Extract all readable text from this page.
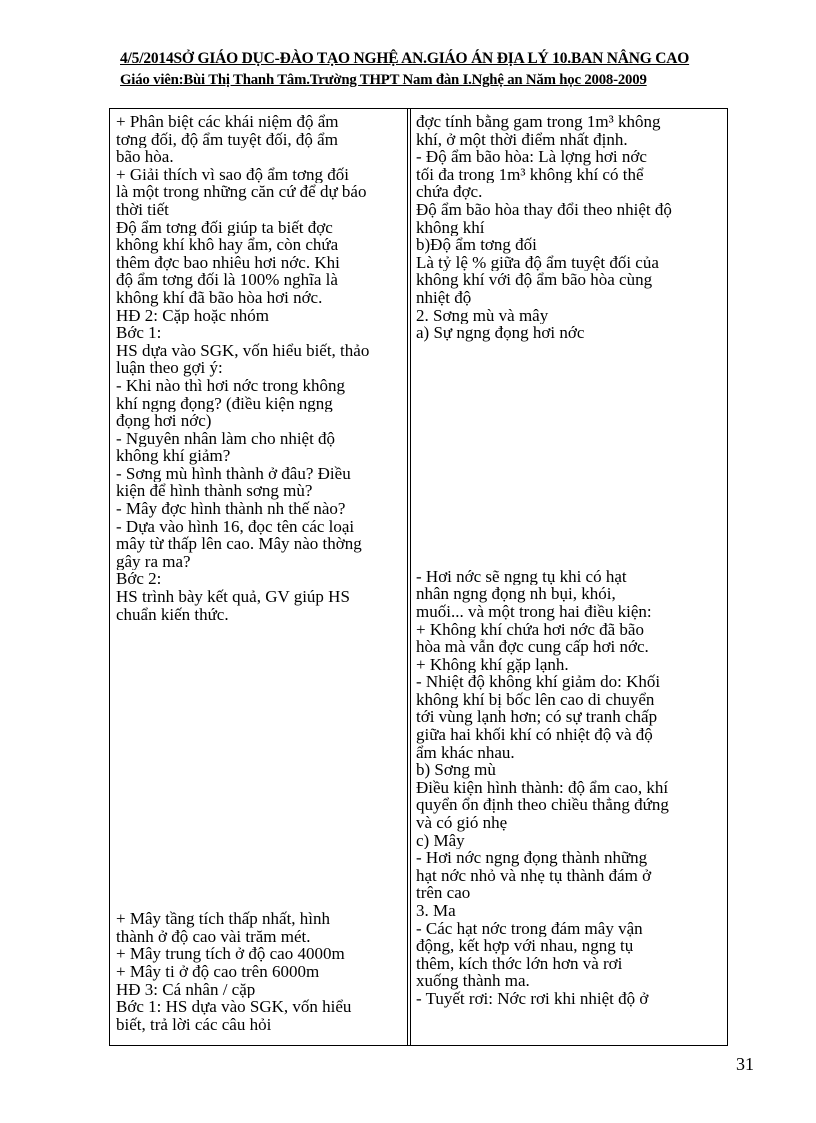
4/5/2014SỞ GIÁO DỤC-ĐÀO TẠO NGHỆ AN.GIÁO ÁN ĐỊA LÝ 10.BAN NÂNG CAO
Giáo viên:Bùi Thị Thanh Tâm.Trường THPT Nam đàn I.Nghệ an Năm học 2008-2009
+ Phân biệt các khái niệm độ ẩm
tơng đối, độ ẩm tuyệt đối, độ ẩm
bão hòa.
+ Giải thích vì sao độ ẩm tơng đối
là một trong những căn cứ để dự báo
thời tiết
Độ ẩm tơng đối giúp ta biết đợc
không khí khô hay ẩm, còn chứa
thêm đợc bao nhiêu hơi nớc. Khi
độ ẩm tơng đối là 100% nghĩa là
không khí đã bão hòa hơi nớc.
HĐ 2: Cặp hoặc nhóm
Bớc 1:
HS dựa vào SGK, vốn hiểu biết, thảo
luận theo gợi ý:
- Khi nào thì hơi nớc trong không
khí ngng đọng? (điều kiện ngng
đọng hơi nớc)
- Nguyên nhân làm cho nhiệt độ
không khí giảm?
- Sơng mù hình thành ở đâu? Điều
kiện để hình thành sơng mù?
- Mây đợc hình thành nh thế nào?
- Dựa vào hình 16, đọc tên các loại
mây từ thấp lên cao. Mây nào thờng
gây ra ma?
Bớc 2:
HS trình bày kết quả, GV giúp HS
chuẩn kiến thức.
+ Mây tầng tích thấp nhất, hình
thành ở độ cao vài trăm mét.
+ Mây trung tích ở độ cao 4000m
+ Mây ti ở độ cao trên 6000m
HĐ 3: Cá nhân / cặp
Bớc 1: HS dựa vào SGK, vốn hiểu
biết, trả lời các câu hỏi
đợc tính bằng gam trong 1m³ không
khí, ở một thời điểm nhất định.
- Độ ẩm bão hòa: Là lợng hơi nớc
tối đa trong 1m³ không khí có thể
chứa đợc.
Độ ẩm bão hòa thay đổi theo nhiệt độ
không khí
b)Độ ẩm tơng đối
Là tỷ lệ % giữa độ ẩm tuyệt đối của
không khí với độ ẩm bão hòa cùng
nhiệt độ
2. Sơng mù và mây
a) Sự ngng đọng hơi nớc
- Hơi nớc sẽ ngng tụ khi có hạt
nhân ngng đọng nh bụi, khói,
muối... và một trong hai điều kiện:
+ Không khí chứa hơi nớc đã bão
hòa mà vẫn đợc cung cấp hơi nớc.
+ Không khí gặp lạnh.
- Nhiệt độ không khí giảm do: Khối
không khí bị bốc lên cao di chuyển
tới vùng lạnh hơn; có sự tranh chấp
giữa hai khối khí có nhiệt độ và độ
ẩm khác nhau.
b) Sơng mù
Điều kiện hình thành: độ ẩm cao, khí
quyển ổn định theo chiều thẳng đứng
và có gió nhẹ
c) Mây
- Hơi nớc ngng đọng thành những
hạt nớc nhỏ và nhẹ tụ thành đám ở
trên cao
3. Ma
- Các hạt nớc trong đám mây vận
động, kết hợp với nhau, ngng tụ
thêm, kích thớc lớn hơn và rơi
xuống thành ma.
- Tuyết rơi: Nớc rơi khi nhiệt độ ở
31
